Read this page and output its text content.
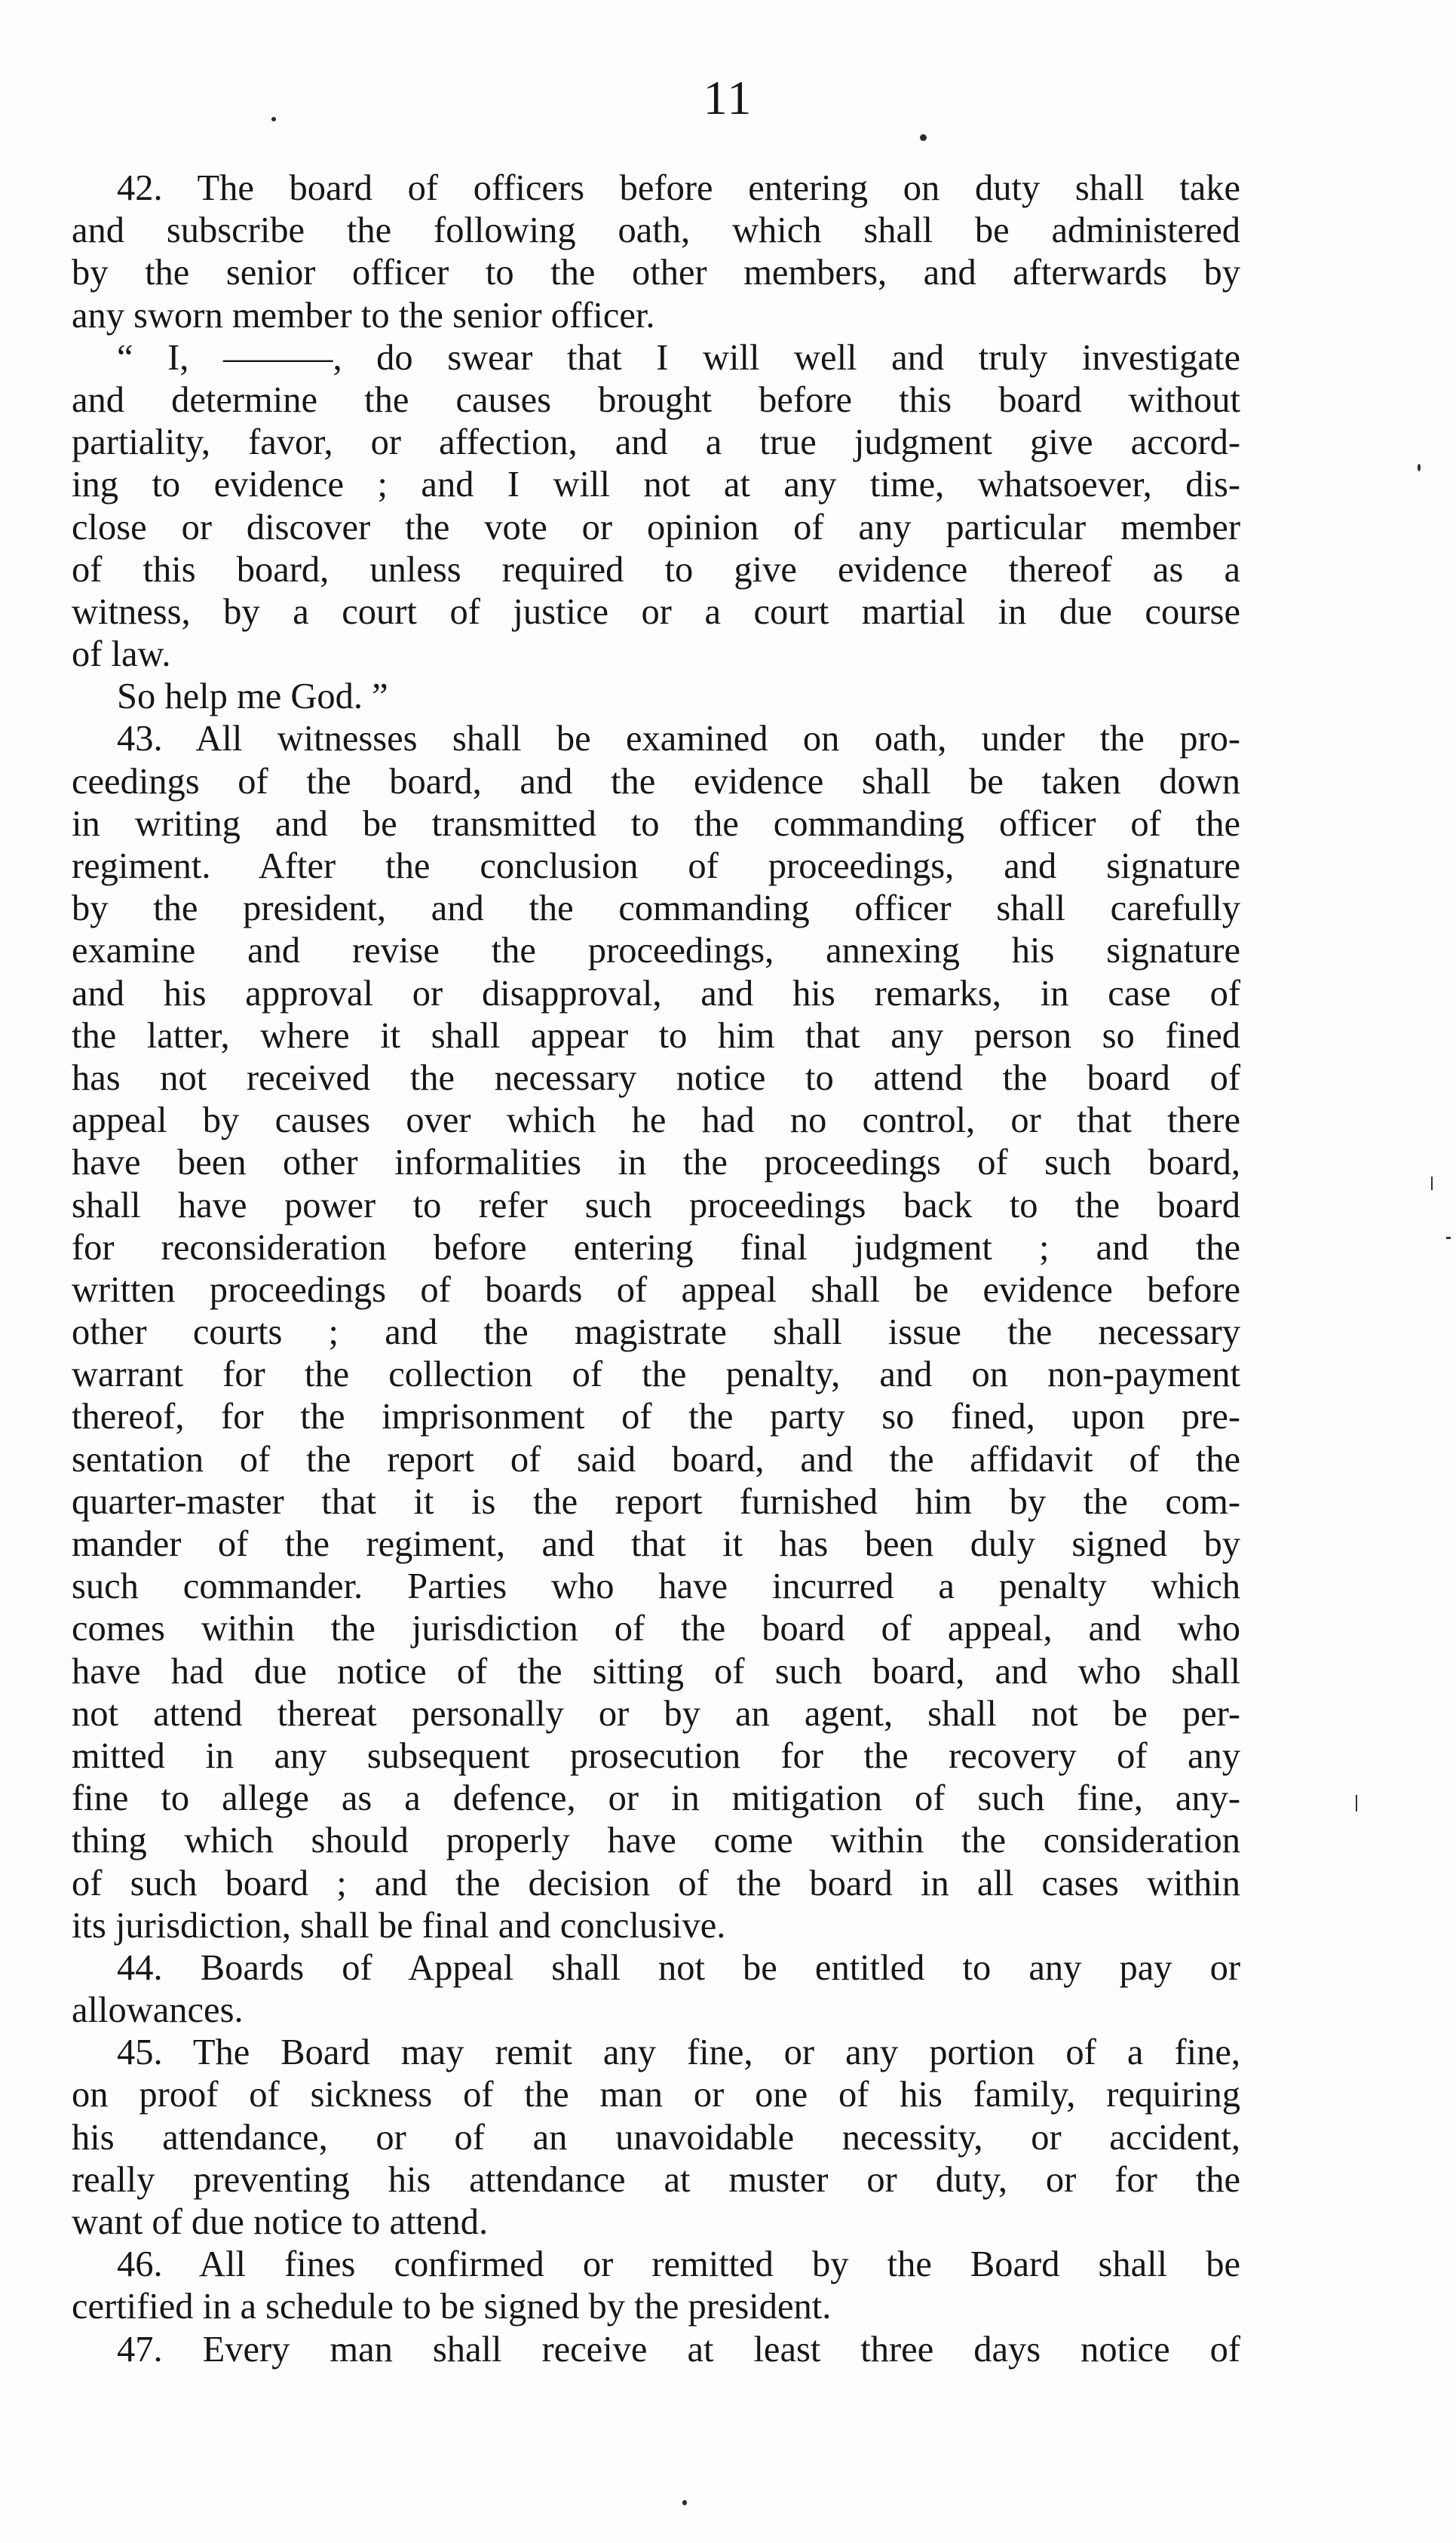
11
42. The board of officers before entering on duty shall take
and subscribe the following oath, which shall be administered
by the senior officer to the other members, and afterwards by
any sworn member to the senior officer.
“ I, ———, do swear that I will well and truly investigate
and determine the causes brought before this board without
partiality, favor, or affection, and a true judgment give accord-
ing to evidence ; and I will not at any time, whatsoever, dis-
close or discover the vote or opinion of any particular member
of this board, unless required to give evidence thereof as a
witness, by a court of justice or a court martial in due course
of law.
So help me God. ”
43. All witnesses shall be examined on oath, under the pro-
ceedings of the board, and the evidence shall be taken down
in writing and be transmitted to the commanding officer of the
regiment. After the conclusion of proceedings, and signature
by the president, and the commanding officer shall carefully
examine and revise the proceedings, annexing his signature
and his approval or disapproval, and his remarks, in case of
the latter, where it shall appear to him that any person so fined
has not received the necessary notice to attend the board of
appeal by causes over which he had no control, or that there
have been other informalities in the proceedings of such board,
shall have power to refer such proceedings back to the board
for reconsideration before entering final judgment ; and the
written proceedings of boards of appeal shall be evidence before
other courts ; and the magistrate shall issue the necessary
warrant for the collection of the penalty, and on non-payment
thereof, for the imprisonment of the party so fined, upon pre-
sentation of the report of said board, and the affidavit of the
quarter-master that it is the report furnished him by the com-
mander of the regiment, and that it has been duly signed by
such commander. Parties who have incurred a penalty which
comes within the jurisdiction of the board of appeal, and who
have had due notice of the sitting of such board, and who shall
not attend thereat personally or by an agent, shall not be per-
mitted in any subsequent prosecution for the recovery of any
fine to allege as a defence, or in mitigation of such fine, any-
thing which should properly have come within the consideration
of such board ; and the decision of the board in all cases within
its jurisdiction, shall be final and conclusive.
44. Boards of Appeal shall not be entitled to any pay or
allowances.
45. The Board may remit any fine, or any portion of a fine,
on proof of sickness of the man or one of his family, requiring
his attendance, or of an unavoidable necessity, or accident,
really preventing his attendance at muster or duty, or for the
want of due notice to attend.
46. All fines confirmed or remitted by the Board shall be
certified in a schedule to be signed by the president.
47. Every man shall receive at least three days notice of
